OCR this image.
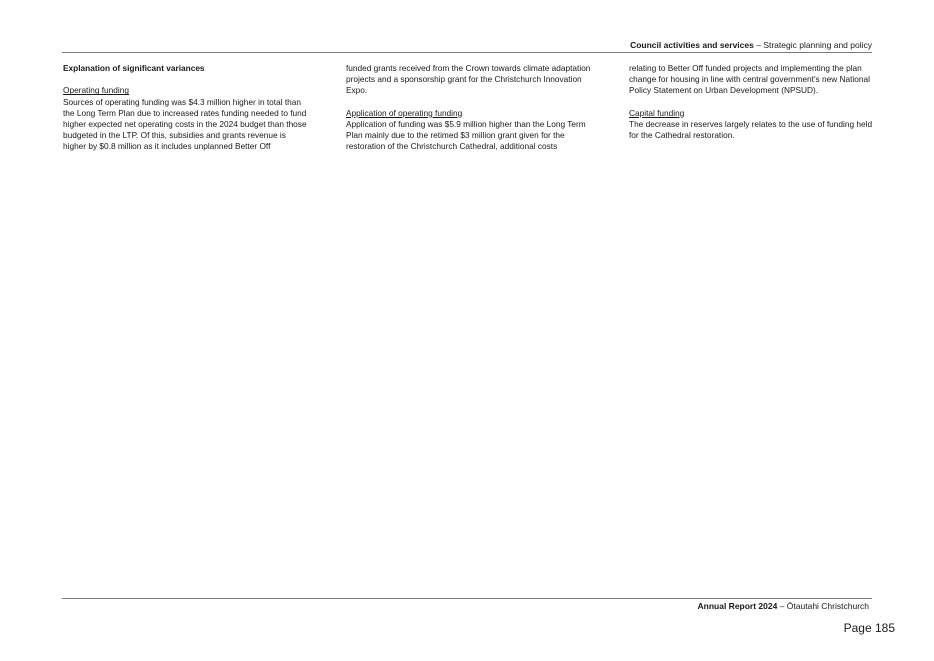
Council activities and services – Strategic planning and policy

Explanation of significant variances

Operating funding
Sources of operating funding was $4.3 million higher in total than the Long Term Plan due to increased rates funding needed to fund higher expected net operating costs in the 2024 budget than those budgeted in the LTP. Of this, subsidies and grants revenue is higher by $0.8 million as it includes unplanned Better Off

funded grants received from the Crown towards climate adaptation projects and a sponsorship grant for the Christchurch Innovation Expo.

Application of operating funding
Application of funding was $5.9 million higher than the Long Term Plan mainly due to the retimed $3 million grant given for the restoration of the Christchurch Cathedral, additional costs

relating to Better Off funded projects and implementing the plan change for housing in line with central government's new National Policy Statement on Urban Development (NPSUD).

Capital funding
The decrease in reserves largely relates to the use of funding held for the Cathedral restoration.

Annual Report 2024 – Ōtautahi Christchurch
Page 185
